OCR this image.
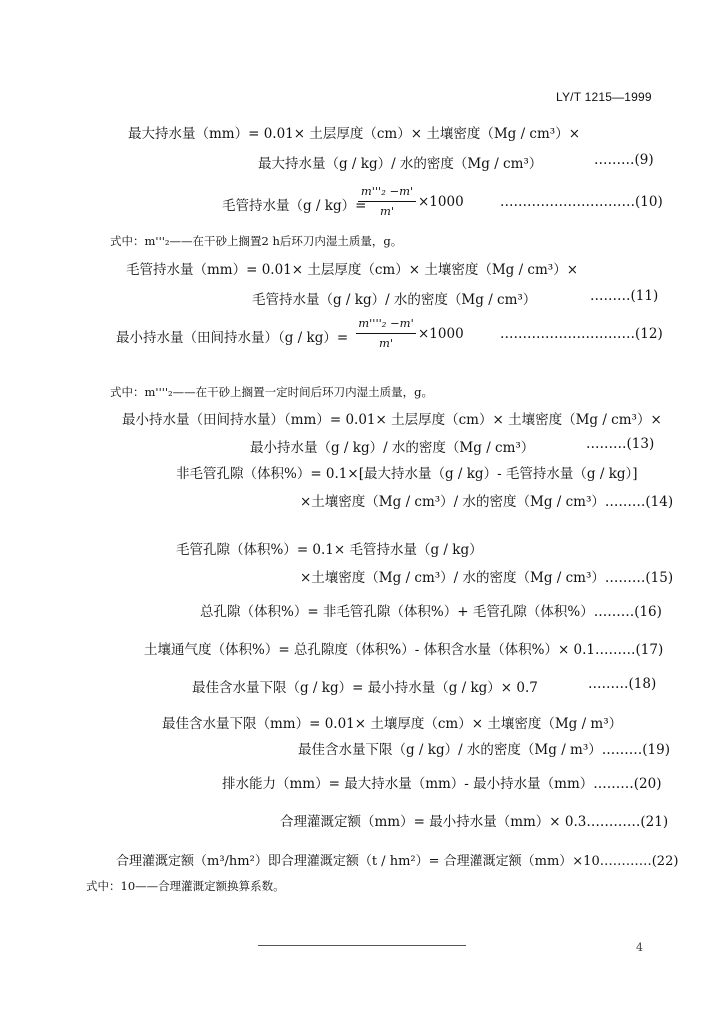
LY/T 1215—1999
最大持水量（mm）= 0.01× 土层厚度（cm）× 土壤密度（Mg / cm³）×
最大持水量（g / kg）/ 水的密度（Mg / cm³）	………(9)
毛管持水量（g / kg）=
m'''₂ −m'
m'
×1000	…………………………(10)
式中：m'''₂——在干砂上搁置2 h后环刀内湿土质量，g。
毛管持水量（mm）= 0.01× 土层厚度（cm）× 土壤密度（Mg / cm³）×
毛管持水量（g / kg）/ 水的密度（Mg / cm³）	………(11)
最小持水量（田间持水量）（g / kg）=
m''''₂ −m'
m'
×1000	…………………………(12)
式中：m''''₂——在干砂上搁置一定时间后环刀内湿土质量，g。
最小持水量（田间持水量）（mm）= 0.01× 土层厚度（cm）× 土壤密度（Mg / cm³）×
最小持水量（g / kg）/ 水的密度（Mg / cm³）	………(13)
非毛管孔隙（体积%）= 0.1×[最大持水量（g / kg）- 毛管持水量（g / kg）]
×土壤密度（Mg / cm³）/ 水的密度（Mg / cm³）………(14)
毛管孔隙（体积%）= 0.1× 毛管持水量（g / kg）
×土壤密度（Mg / cm³）/ 水的密度（Mg / cm³）………(15)
总孔隙（体积%）= 非毛管孔隙（体积%）+ 毛管孔隙（体积%）………(16)
土壤通气度（体积%）= 总孔隙度（体积%）- 体积含水量（体积%）× 0.1………(17)
最佳含水量下限（g / kg）= 最小持水量（g / kg）× 0.7	………(18)
最佳含水量下限（mm）= 0.01× 土壤厚度（cm）× 土壤密度（Mg / m³）
最佳含水量下限（g / kg）/ 水的密度（Mg / m³）………(19)
排水能力（mm）= 最大持水量（mm）- 最小持水量（mm）………(20)
合理灌溉定额（mm）= 最小持水量（mm）× 0.3…………(21)
合理灌溉定额（m³/hm²）即合理灌溉定额（t / hm²）= 合理灌溉定额（mm）×10…………(22)
式中：10——合理灌溉定额换算系数。
4
